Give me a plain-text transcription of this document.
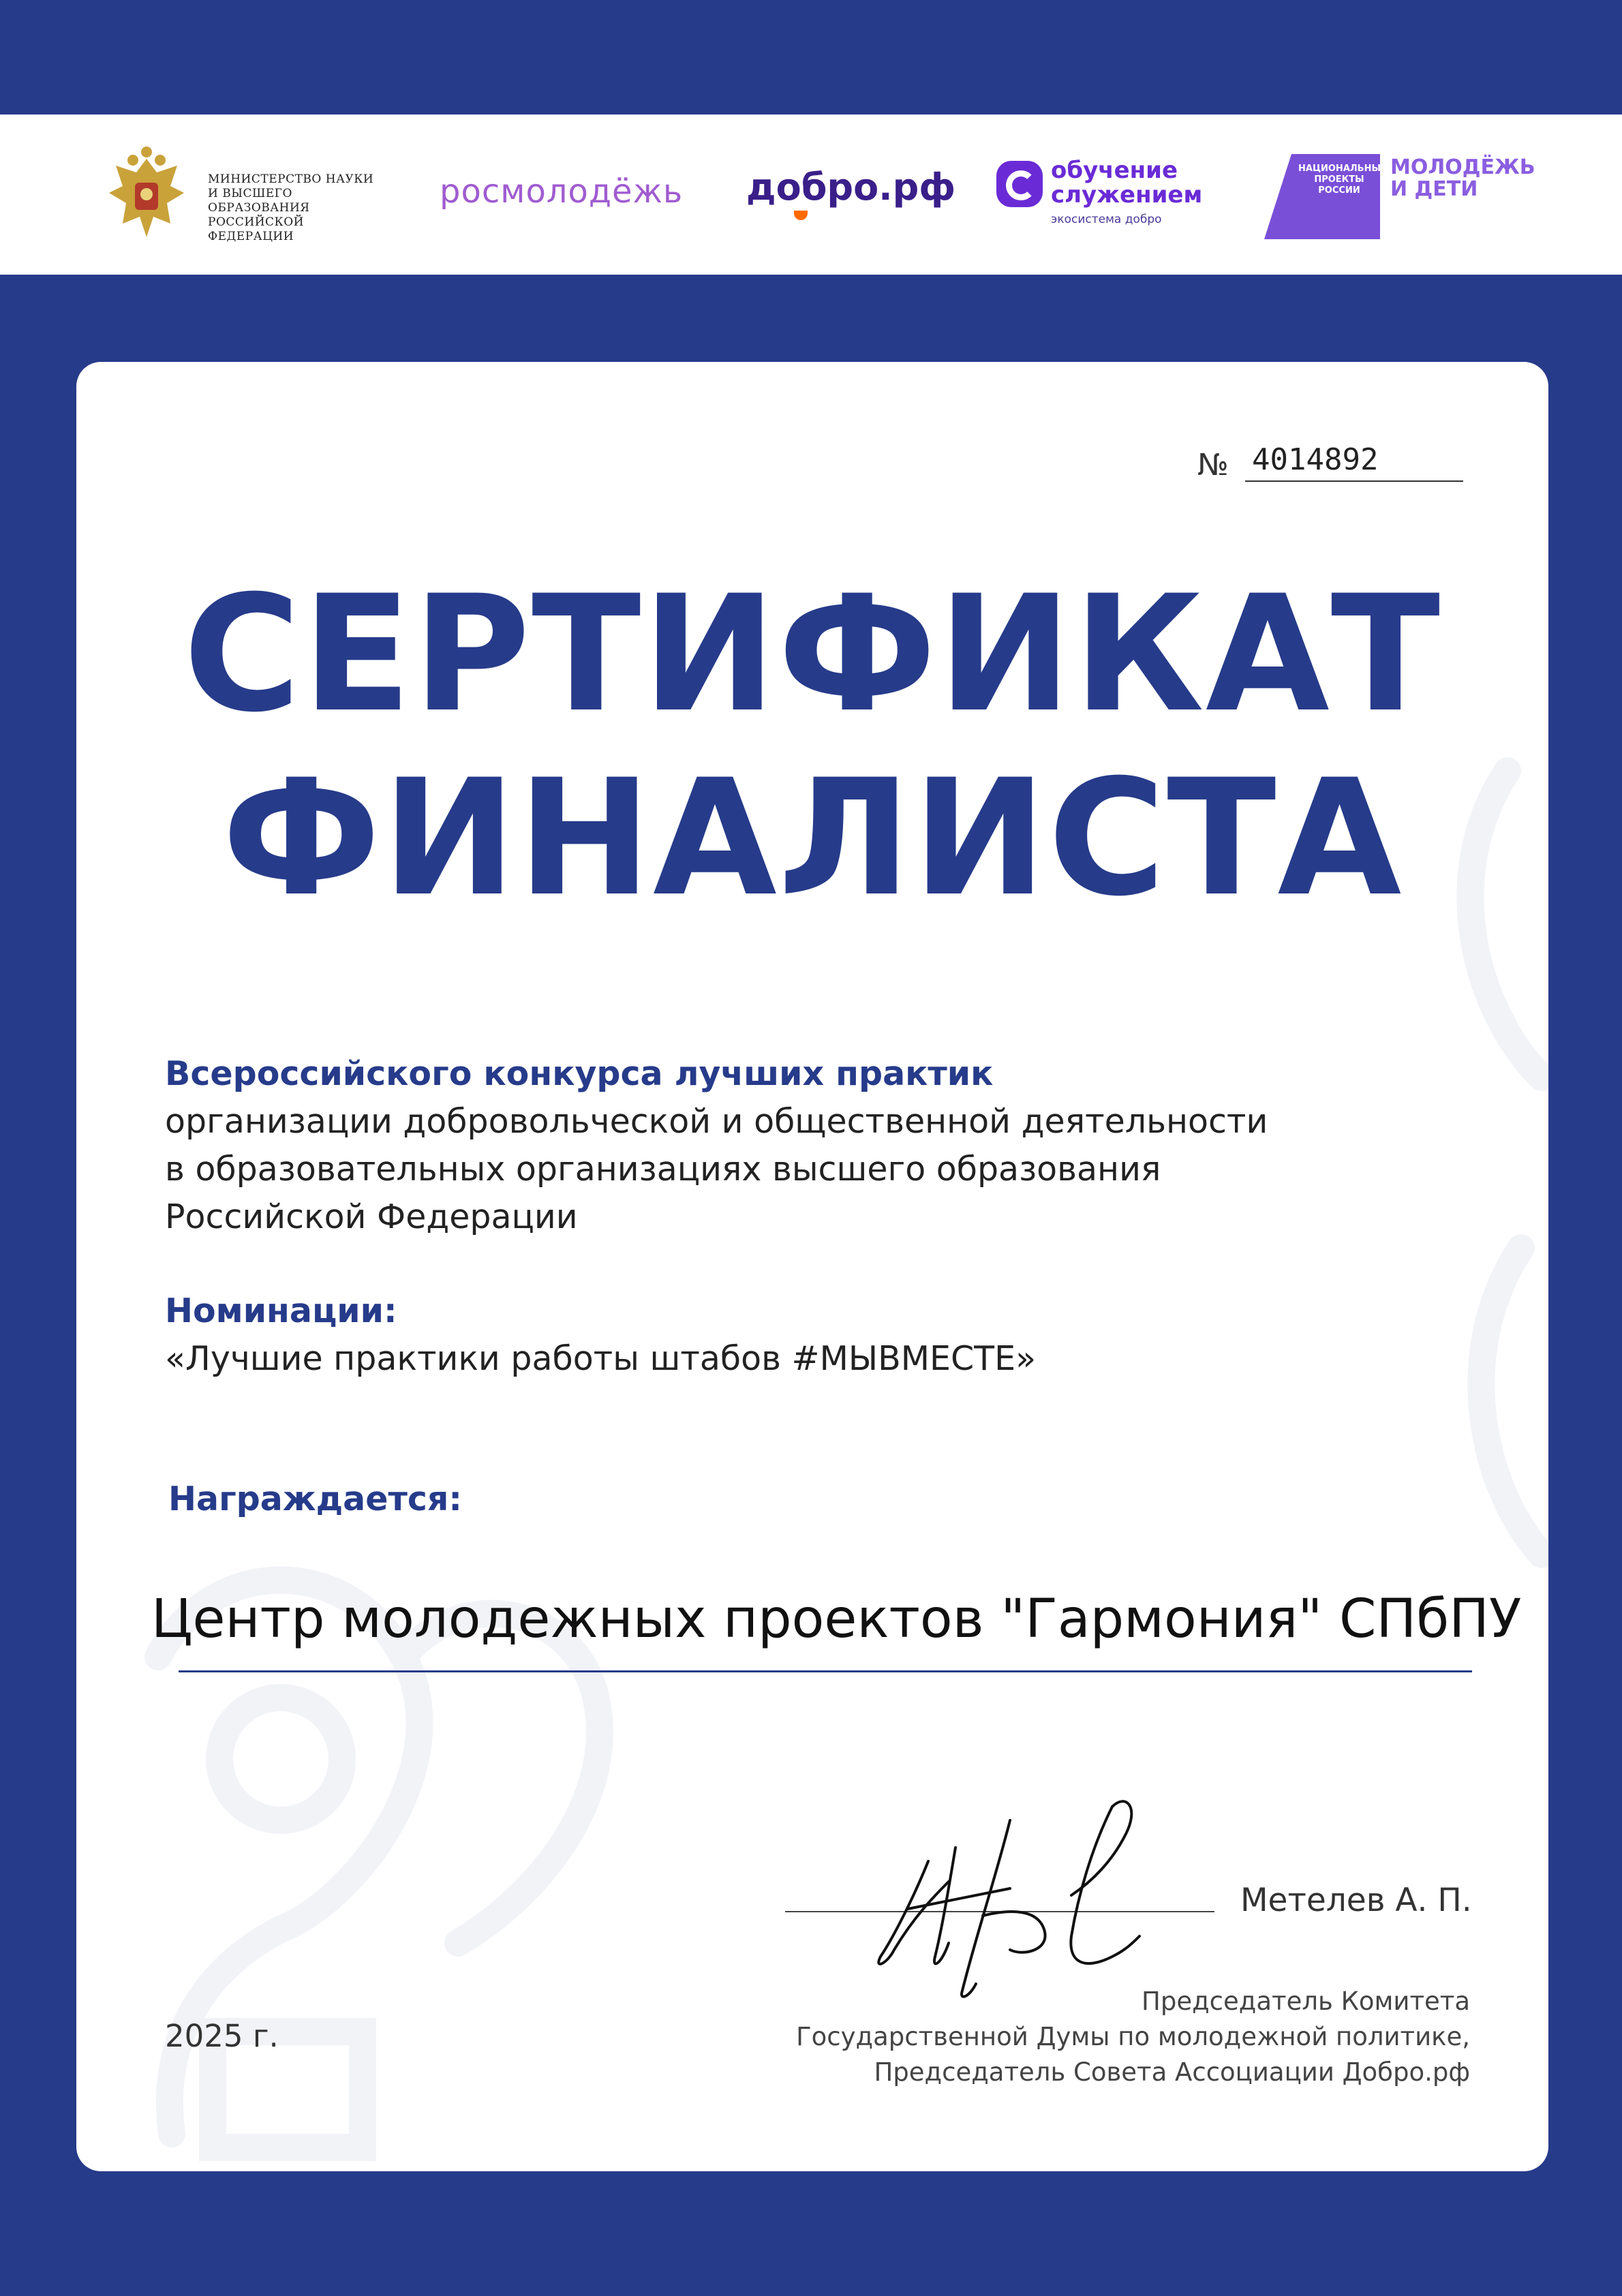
МИНИСТЕРСТВО НАУКИ
И ВЫСШЕГО ОБРАЗОВАНИЯ
РОССИЙСКОЙ ФЕДЕРАЦИИ
росмолодёжь добро.рф	обучение
служением
экосистема добро
НАЦИОНАЛЬНЫЕ
ПРОЕКТЫ
РОССИИ
МОЛОДЁЖЬ
И ДЕТИ
№ 4014892
СЕРТИФИКАТ
ФИНАЛИСТА
Всероссийского конкурса лучших практик
организации добровольческой и общественной деятельности
в образовательных организациях высшего образования
Российской Федерации
Номинации:
«Лучшие практики работы штабов #МЫВМЕСТЕ»
Награждается:
Центр молодежных проектов "Гармония" СПбПУ
Метелев А. П.
Председатель Комитета
Государственной Думы по молодежной политике,
Председатель Совета Ассоциации Добро.рф
2025 г.
